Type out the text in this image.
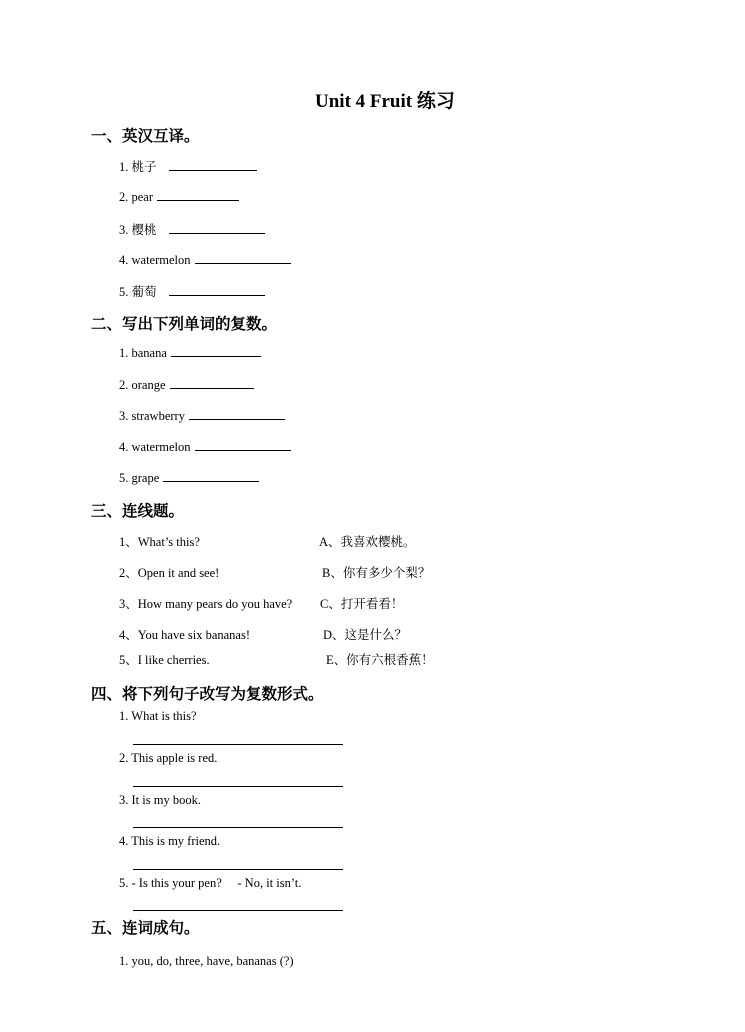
Unit 4 Fruit 练习
一、英汉互译。
1. 桃子
2. pear
3. 樱桃
4. watermelon
5. 葡萄
二、写出下列单词的复数。
1. banana
2. orange
3. strawberry
4. watermelon
5. grape
三、连线题。
1、What’s this?
2、Open it and see!
3、How many pears do you have?
4、You have six bananas!
5、I like cherries.
A、我喜欢樱桃。
B、你有多少个梨？
C、打开看看！
D、这是什么？
E、你有六根香蕉！
四、将下列句子改写为复数形式。
1. What is this?
2. This apple is red.
3. It is my book.
4. This is my friend.
5. - Is this your pen?     - No, it isn’t.
五、连词成句。
1. you, do, three, have, bananas (?)
